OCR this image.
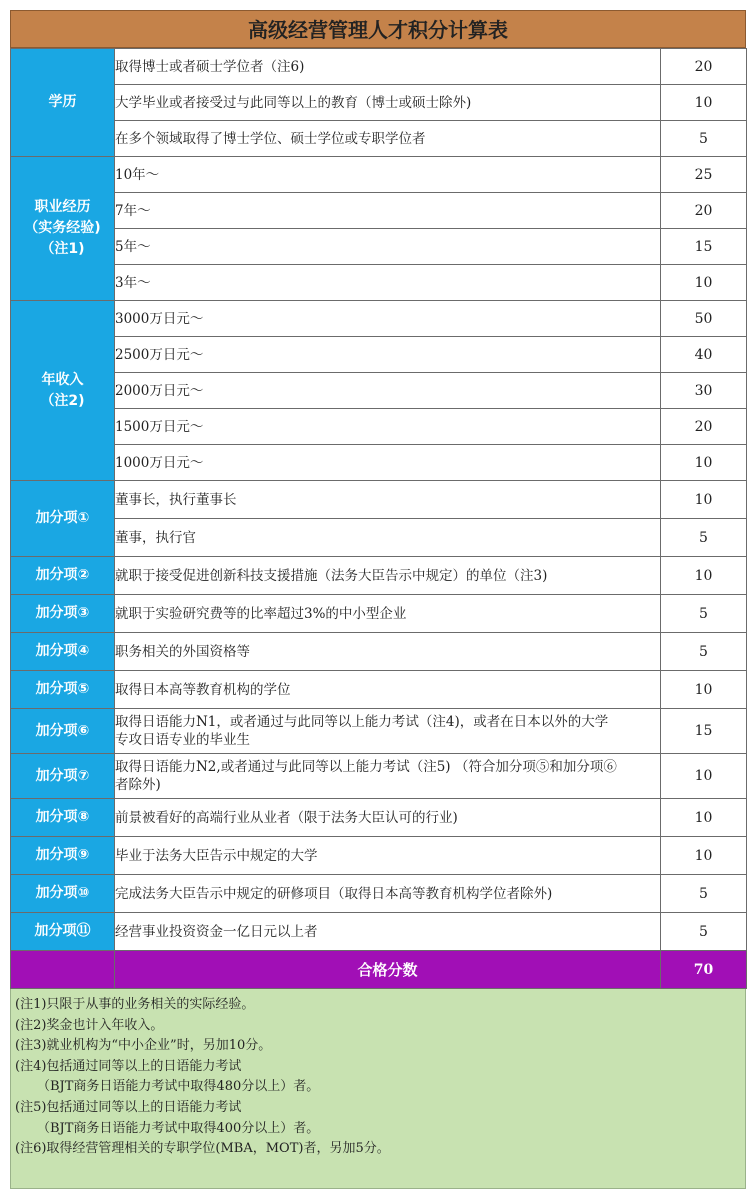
高级经营管理人才积分计算表
学历	取得博士或者硕士学位者（注6)	20
	大学毕业或者接受过与此同等以上的教育（博士或硕士除外)	10
	在多个领域取得了博士学位、硕士学位或专职学位者	5

职业经历
（实务经验)
（注1)	10年～	25
	7年～	20
	5年～	15
	3年～	10

年收入
（注2)	3000万日元～	50
	2500万日元～	40
	2000万日元～	30
	1500万日元～	20
	1000万日元～	10
加分项①	董事长，执行董事长	10
	董事，执行官	5
加分项②	就职于接受促进创新科技支援措施（法务大臣告示中规定）的单位（注3)	10
加分项③	就职于实验研究费等的比率超过3%的中小型企业	5
加分项④	职务相关的外国资格等	5
加分项⑤	取得日本高等教育机构的学位	10
加分项⑥	取得日语能力N1，或者通过与此同等以上能力考试（注4)，或者在日本以外的大学
专攻日语专业的毕业生	15
加分项⑦	取得日语能力N2,或者通过与此同等以上能力考试（注5) （符合加分项⑤和加分项⑥
者除外)	10
加分项⑧	前景被看好的高端行业从业者（限于法务大臣认可的行业)	10
加分项⑨	毕业于法务大臣告示中规定的大学	10
加分项⑩	完成法务大臣告示中规定的研修项目（取得日本高等教育机构学位者除外)	5
加分项⑪	经营事业投资资金一亿日元以上者	5
	合格分数	70
(注1)只限于从事的业务相关的实际经验。
(注2)奖金也计入年收入。
(注3)就业机构为“中小企业”时，另加10分。
(注4)包括通过同等以上的日语能力考试
（BJT商务日语能力考试中取得480分以上）者。
(注5)包括通过同等以上的日语能力考试
（BJT商务日语能力考试中取得400分以上）者。
(注6)取得经营管理相关的专职学位(MBA，MOT)者，另加5分。
